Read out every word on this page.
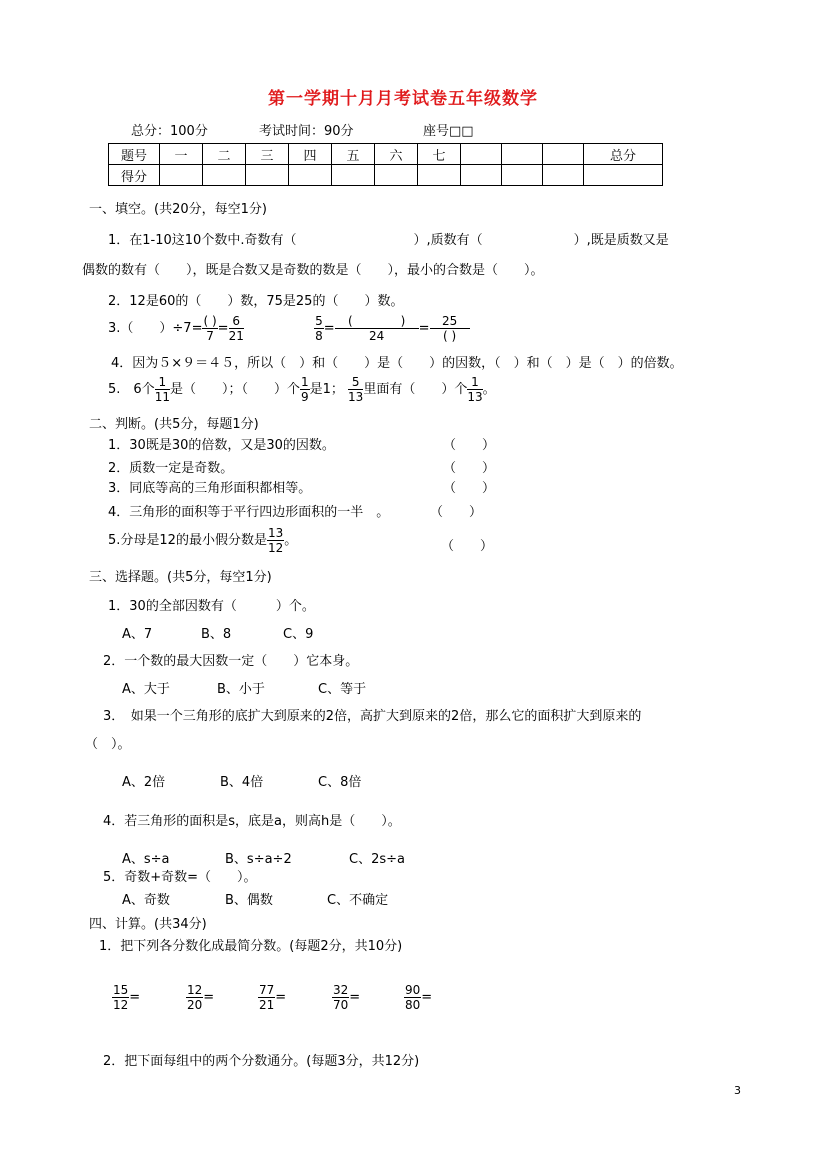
第一学期十月月考试卷五年级数学
总分：100分	考试时间：90分	座号□□
题号	一	二	三	四	五	六	七				总分
得分											
一、填空。(共20分，每空1分)
1．在1-10这10个数中.奇数有（　　　　　　　　　）,质数有（　　　　　　　）,既是质数又是
偶数的数有（　　），既是合数又是奇数的数是（　　），最小的合数是（　　）。
2．12是60的（　　）数，75是25的（　　）数。
3.（　　）$\div 7= \frac{( )}{7} = \frac{6}{21}$
	$\frac{5}{8} = \frac{( )}{24} = \frac{25}{( )}$
4．因为５×９＝４５，所以（　）和（　　）是（　　）的因数，（　）和（　）是（　）的倍数。
5.　6个 $\frac{1}{11}$ 是（　　）；（　　）个 $\frac{1}{9}$ 是1； $\frac{5}{13}$ 里面有（　　）个 $\frac{1}{13}$ 。
二、判断。(共5分，每题1分)
1．30既是30的倍数，又是30的因数。	（　　）
2．质数一定是奇数。	（　　）
3．同底等高的三角形面积都相等。	（　　）
4．三角形的面积等于平行四边形面积的一半　。	（　　）
5.分母是12的最小假分数是 $\frac{13}{12}$ 。	（　　）
三、选择题。(共5分，每空1分)
1．30的全部因数有（　　　）个。
A、7	B、8	C、9
2．一个数的最大因数一定（　　）它本身。
A、大于	B、小于	C、等于
3．　如果一个三角形的底扩大到原来的2倍，高扩大到原来的2倍，那么它的面积扩大到原来的
（　）。
A、2倍	B、4倍	C、8倍
4．若三角形的面积是s，底是a，则高h是（　　）。
A、s÷a	B、s÷a÷2	C、2s÷a
5．奇数+奇数=（　　）。
A、奇数	B、偶数	C、不确定
四、计算。(共34分)
1．把下列各分数化成最简分数。(每题2分，共10分)
$\frac{15}{12}$ =	$\frac{12}{20}$ =	$\frac{77}{21}$ =	$\frac{32}{70}$ =	$\frac{90}{80}$ =
2．把下面每组中的两个分数通分。(每题3分，共12分)
3
